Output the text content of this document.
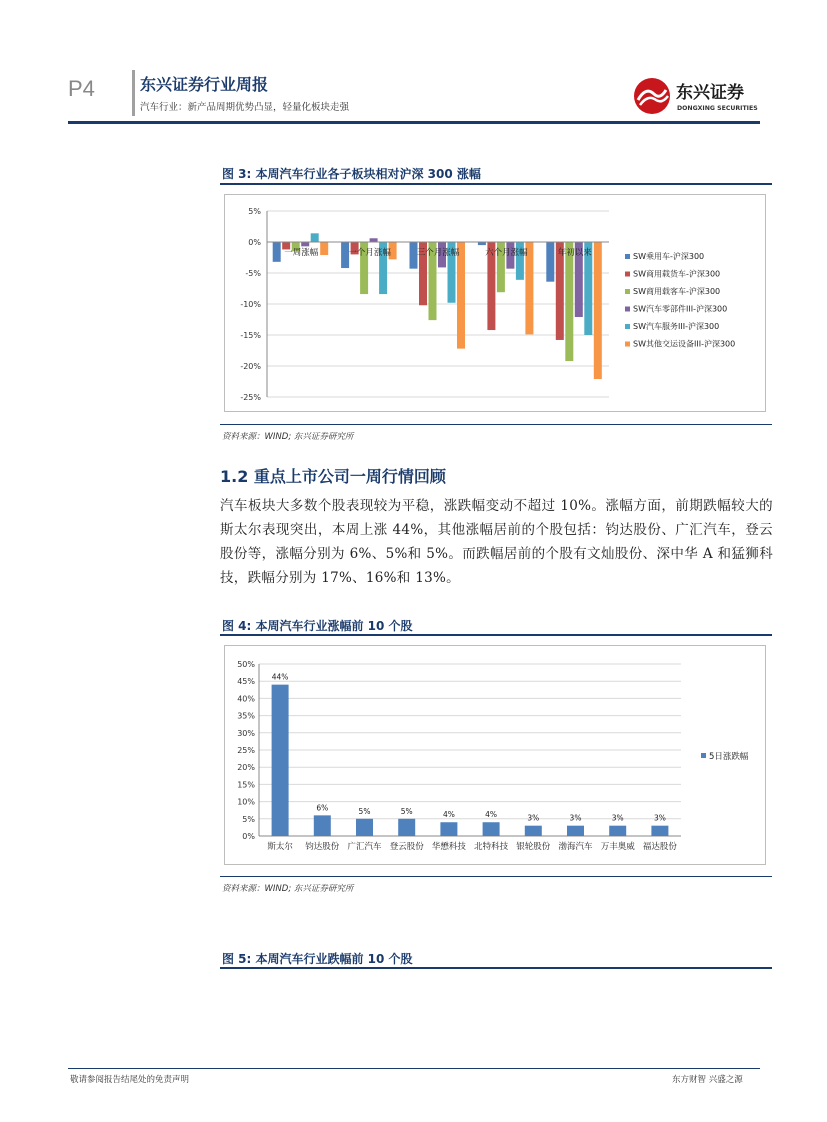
P4	东兴证券行业周报
汽车行业：新产品周期优势凸显，轻量化板块走强
东兴证券
DONGXING SECURITIES
图 3: 本周汽车行业各子板块相对沪深 300 涨幅
5%
0%
-5%
-10%
-15%
-20%
-25%
一周涨幅	一个月涨幅	三个月涨幅	六个月涨幅	年初以来	SW乘用车-沪深300
SW商用载货车-沪深300
SW商用载客车-沪深300
SW汽车零部件III-沪深300
SW汽车服务III-沪深300
SW其他交运设备III-沪深300
资料来源：WIND; 东兴证券研究所
1.2 重点上市公司一周行情回顾
汽车板块大多数个股表现较为平稳，涨跌幅变动不超过 10%。涨幅方面，前期跌幅较大的斯太尔表现突出，本周上涨 44%，其他涨幅居前的个股包括：钧达股份、广汇汽车，登云股份等，涨幅分别为 6%、5%和 5%。而跌幅居前的个股有文灿股份、深中华 A 和猛狮科技，跌幅分别为 17%、16%和 13%。
图 4: 本周汽车行业涨幅前 10 个股
0%
5%
10%
15%
20%
25%
30%
35%
40%
45%
50%
44%
斯太尔
6%
钧达股份
5%
广汇汽车
5%
登云股份
4%
华懋科技
4%
北特科技
3%
银轮股份
3%
渤海汽车
3%
万丰奥威
3%
福达股份
5日涨跌幅
资料来源：WIND; 东兴证券研究所
图 5: 本周汽车行业跌幅前 10 个股
敬请参阅报告结尾处的免责声明	东方财智 兴盛之源
